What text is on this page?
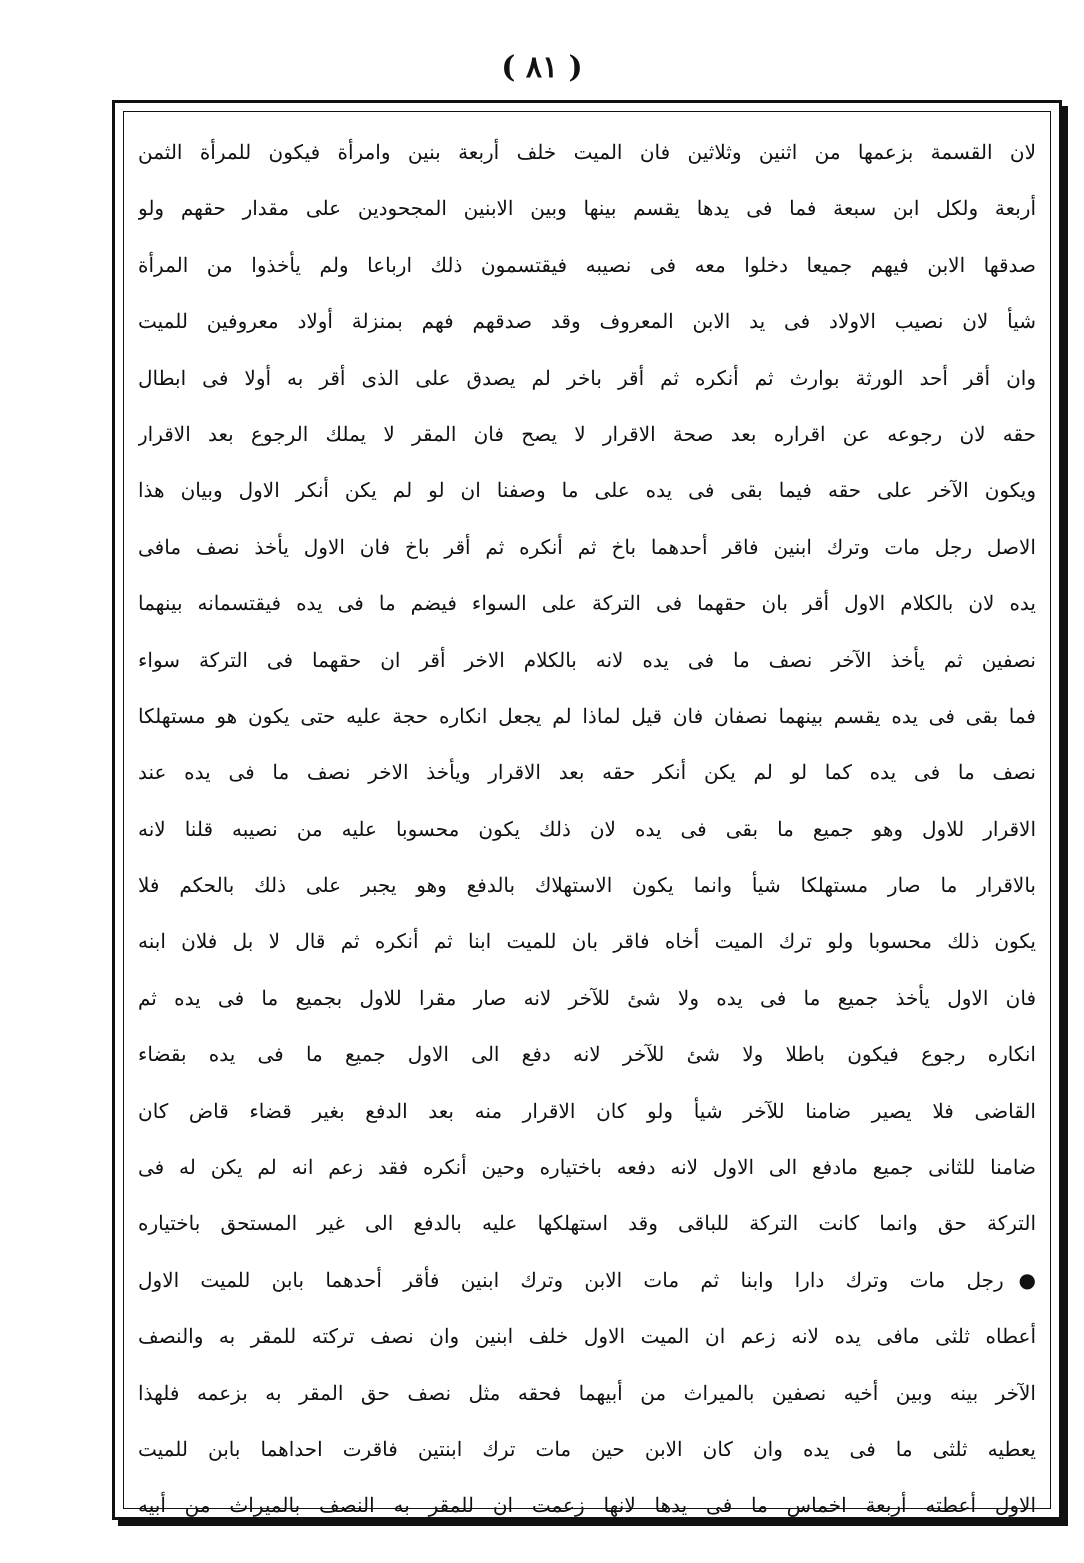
( ٨١ )
لان القسمة بزعمها من اثنين وثلاثين فان الميت خلف أربعة بنين وامرأة فيكون للمرأة الثمن
أربعة ولكل ابن سبعة فما فى يدها يقسم بينها وبين الابنين المجحودين على مقدار حقهم ولو
صدقها الابن فيهم جميعا دخلوا معه فى نصيبه فيقتسمون ذلك ارباعا ولم يأخذوا من المرأة
شيأ لان نصيب الاولاد فى يد الابن المعروف وقد صدقهم فهم بمنزلة أولاد معروفين للميت
وان أقر أحد الورثة بوارث ثم أنكره ثم أقر باخر لم يصدق على الذى أقر به أولا فى ابطال
حقه لان رجوعه عن اقراره بعد صحة الاقرار لا يصح فان المقر لا يملك الرجوع بعد الاقرار
ويكون الآخر على حقه فيما بقى فى يده على ما وصفنا ان لو لم يكن أنكر الاول وبيان هذا
الاصل رجل مات وترك ابنين فاقر أحدهما باخ ثم أنكره ثم أقر باخ فان الاول يأخذ نصف مافى
يده لان بالكلام الاول أقر بان حقهما فى التركة على السواء فيضم ما فى يده فيقتسمانه بينهما
نصفين ثم يأخذ الآخر نصف ما فى يده لانه بالكلام الاخر أقر ان حقهما فى التركة سواء
فما بقى فى يده يقسم بينهما نصفان فان قيل لماذا لم يجعل انكاره حجة عليه حتى يكون هو مستهلكا
نصف ما فى يده كما لو لم يكن أنكر حقه بعد الاقرار ويأخذ الاخر نصف ما فى يده عند
الاقرار للاول وهو جميع ما بقى فى يده لان ذلك يكون محسوبا عليه من نصيبه قلنا لانه
بالاقرار ما صار مستهلكا شيأ وانما يكون الاستهلاك بالدفع وهو يجبر على ذلك بالحكم فلا
يكون ذلك محسوبا ولو ترك الميت أخاه فاقر بان للميت ابنا ثم أنكره ثم قال لا بل فلان ابنه
فان الاول يأخذ جميع ما فى يده ولا شئ للآخر لانه صار مقرا للاول بجميع ما فى يده ثم
انكاره رجوع فيكون باطلا ولا شئ للآخر لانه دفع الى الاول جميع ما فى يده بقضاء
القاضى فلا يصير ضامنا للآخر شيأ ولو كان الاقرار منه بعد الدفع بغير قضاء قاض كان
ضامنا للثانى جميع مادفع الى الاول لانه دفعه باختياره وحين أنكره فقد زعم انه لم يكن له فى
التركة حق وانما كانت التركة للباقى وقد استهلكها عليه بالدفع الى غير المستحق باختياره
●رجل مات وترك دارا وابنا ثم مات الابن وترك ابنين فأقر أحدهما بابن للميت الاول
أعطاه ثلثى مافى يده لانه زعم ان الميت الاول خلف ابنين وان نصف تركته للمقر به والنصف
الآخر بينه وبين أخيه نصفين بالميراث من أبيهما فحقه مثل نصف حق المقر به بزعمه فلهذا
يعطيه ثلثى ما فى يده وان كان الابن حين مات ترك ابنتين فاقرت احداهما بابن للميت
الاول أعطته أربعة اخماس ما فى يدها لانها زعمت ان للمقر به النصف بالميراث من أبيه
